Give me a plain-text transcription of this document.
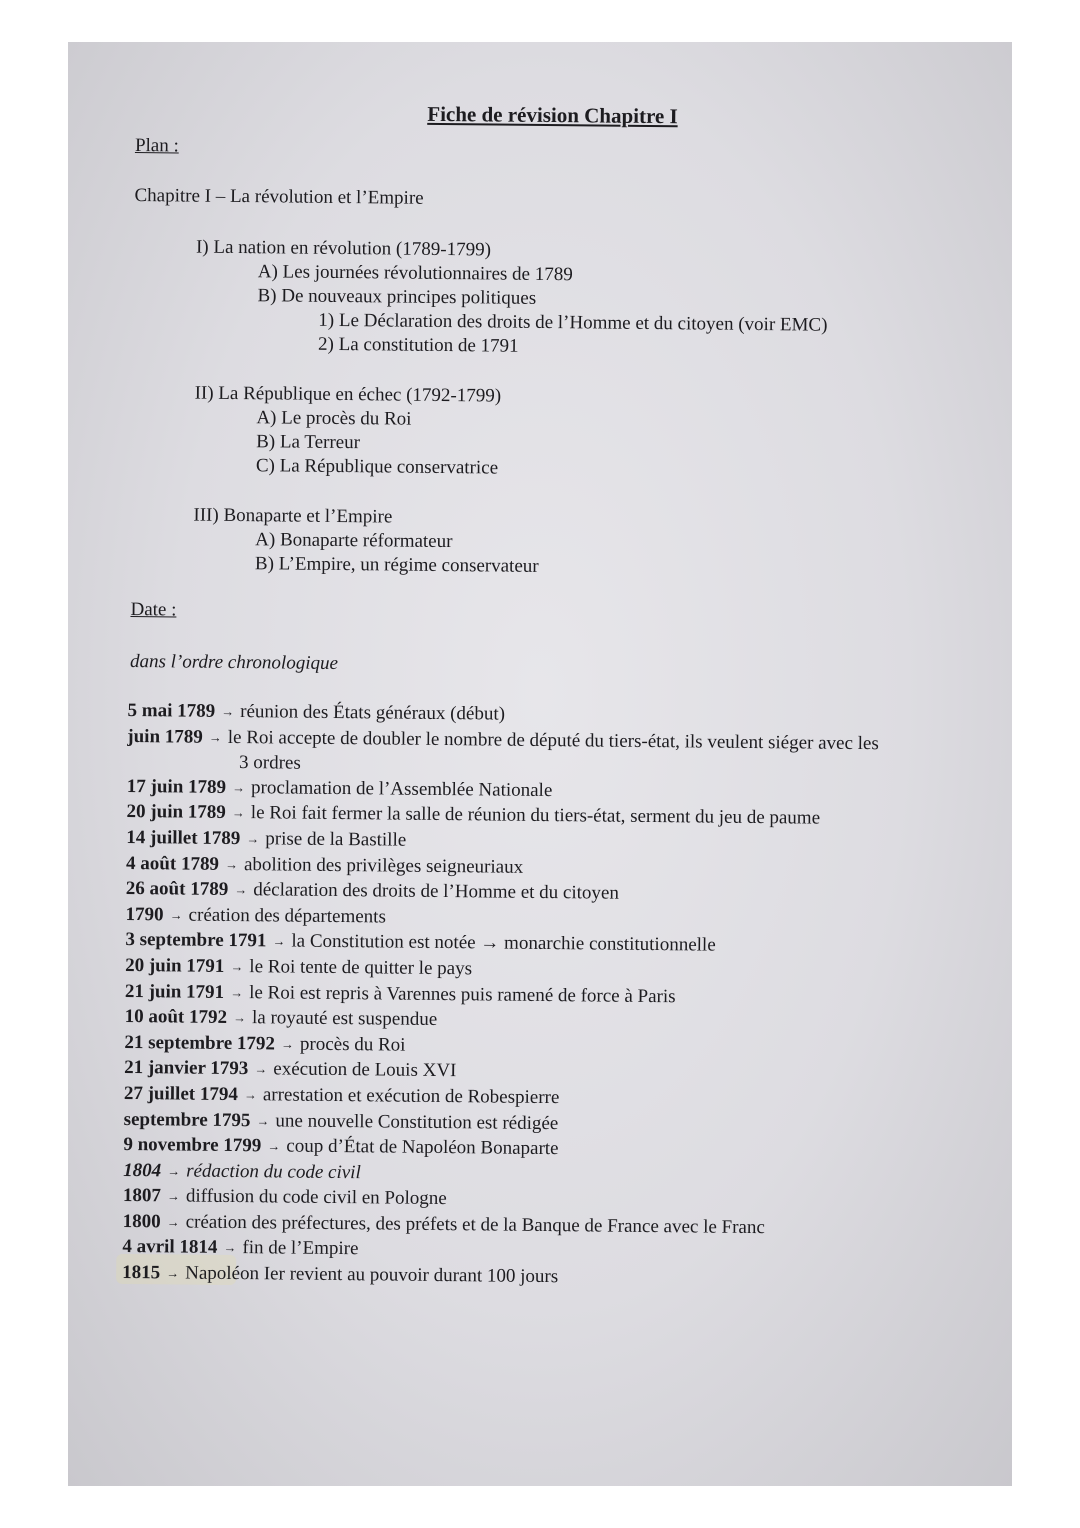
Fiche de révision Chapitre I
Plan :
Chapitre I – La révolution et l’Empire
I) La nation en révolution (1789-1799)
A) Les journées révolutionnaires de 1789
B) De nouveaux principes politiques
1) Le Déclaration des droits de l’Homme et du citoyen (voir EMC)
2) La constitution de 1791
II) La République en échec (1792-1799)
A) Le procès du Roi
B) La Terreur
C) La République conservatrice
III) Bonaparte et l’Empire
A) Bonaparte réformateur
B) L’Empire, un régime conservateur
Date :
dans l’ordre chronologique
5 mai 1789 → réunion des États généraux (début)
juin 1789 → le Roi accepte de doubler le nombre de député du tiers-état, ils veulent siéger avec les
3 ordres
17 juin 1789 → proclamation de l’Assemblée Nationale
20 juin 1789 → le Roi fait fermer la salle de réunion du tiers-état, serment du jeu de paume
14 juillet 1789 → prise de la Bastille
4 août 1789 → abolition des privilèges seigneuriaux
26 août 1789 → déclaration des droits de l’Homme et du citoyen
1790 → création des départements
3 septembre 1791 → la Constitution est notée → monarchie constitutionnelle
20 juin 1791 → le Roi tente de quitter le pays
21 juin 1791 → le Roi est repris à Varennes puis ramené de force à Paris
10 août 1792 → la royauté est suspendue
21 septembre 1792 → procès du Roi
21 janvier 1793 → exécution de Louis XVI
27 juillet 1794 → arrestation et exécution de Robespierre
septembre 1795 → une nouvelle Constitution est rédigée
9 novembre 1799 → coup d’État de Napoléon Bonaparte
1804 → rédaction du code civil
1807 → diffusion du code civil en Pologne
1800 → création des préfectures, des préfets et de la Banque de France avec le Franc
4 avril 1814 → fin de l’Empire
1815 → Napoléon Ier revient au pouvoir durant 100 jours
